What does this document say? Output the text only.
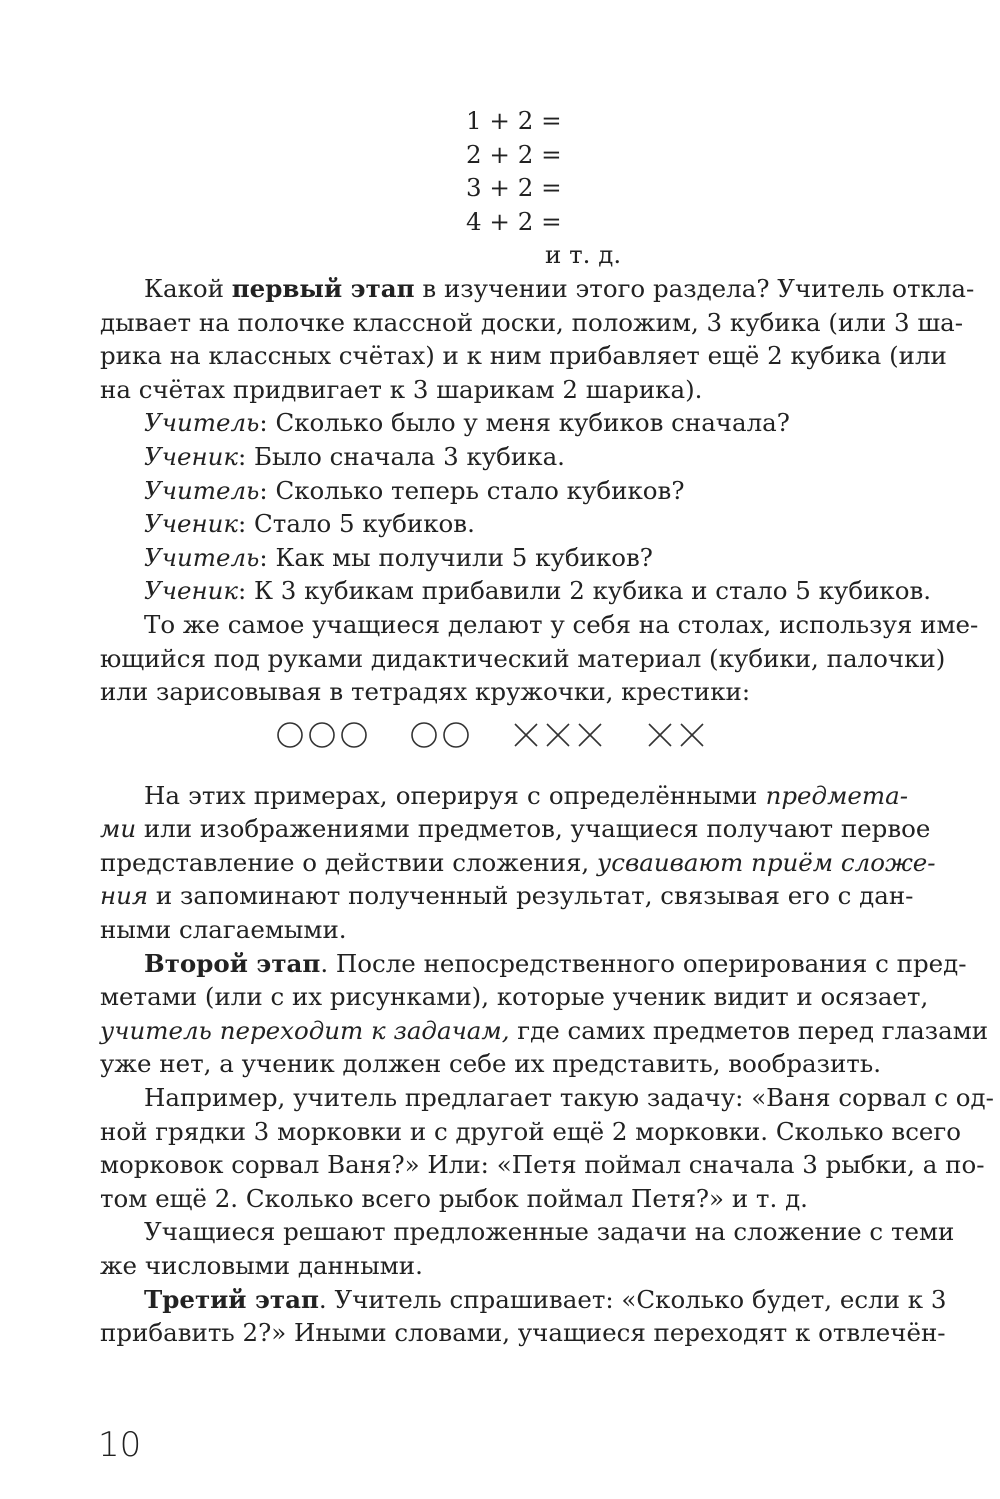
1 + 2 =
2 + 2 =
3 + 2 =
4 + 2 =
и т. д.
Какой первый этап в изучении этого раздела? Учитель откла-
дывает на полочке классной доски, положим, 3 кубика (или 3 ша-
рика на классных счётах) и к ним прибавляет ещё 2 кубика (или
на счётах придвигает к 3 шарикам 2 шарика).
Учитель: Сколько было у меня кубиков сначала?
Ученик: Было сначала 3 кубика.
Учитель: Сколько теперь стало кубиков?
Ученик: Стало 5 кубиков.
Учитель: Как мы получили 5 кубиков?
Ученик: К 3 кубикам прибавили 2 кубика и стало 5 кубиков.
То же самое учащиеся делают у себя на столах, используя име-
ющийся под руками дидактический материал (кубики, палочки)
или зарисовывая в тетрадях кружочки, крестики:
На этих примерах, оперируя с определёнными предмета-
ми или изображениями предметов, учащиеся получают первое
представление о действии сложения, усваивают приём сложе-
ния и запоминают полученный результат, связывая его с дан-
ными слагаемыми.
Второй этап. После непосредственного оперирования с пред-
метами (или с их рисунками), которые ученик видит и осязает,
учитель переходит к задачам, где самих предметов перед глазами
уже нет, а ученик должен себе их представить, вообразить.
Например, учитель предлагает такую задачу: «Ваня сорвал с од-
ной грядки 3 морковки и с другой ещё 2 морковки. Сколько всего
морковок сорвал Ваня?» Или: «Петя поймал сначала 3 рыбки, а по-
том ещё 2. Сколько всего рыбок поймал Петя?» и т. д.
Учащиеся решают предложенные задачи на сложение с теми
же числовыми данными.
Третий этап. Учитель спрашивает: «Сколько будет, если к 3
прибавить 2?» Иными словами, учащиеся переходят к отвлечён-
10
